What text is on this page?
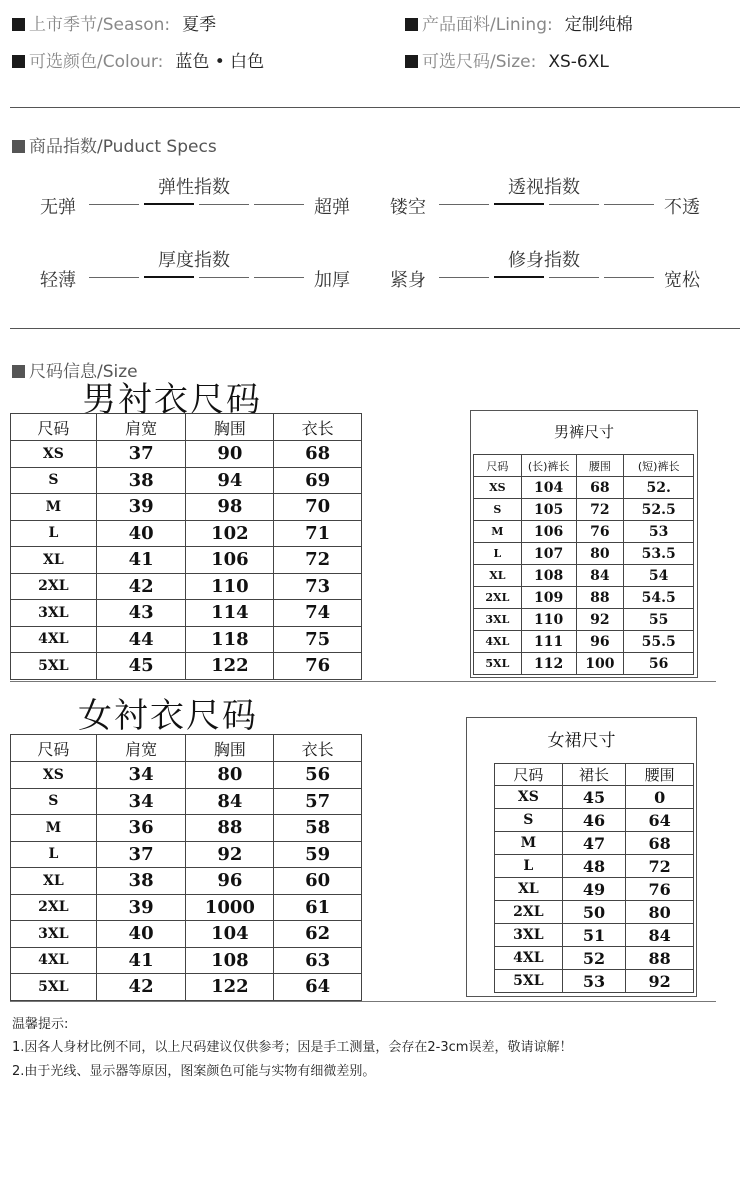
上市季节/Season: 夏季	产品面料/Lining: 定制纯棉
可选颜色/Colour: 蓝色 • 白色	可选尺码/Size: XS-6XL
商品指数/Puduct Specs
无弹
弹性指数
超弹 镂空
透视指数
不透
轻薄
厚度指数
加厚 紧身
修身指数
宽松
尺码信息/Size
男衬衣尺码
女衬衣尺码
尺码	肩宽	胸围	衣长
XS	37	90	68
S	38	94	69
M	39	98	70
L	40	102	71
XL	41	106	72
2XL	42	110	73
3XL	43	114	74
4XL	44	118	75
5XL	45	122	76
尺码	肩宽	胸围	衣长
XS	34	80	56
S	34	84	57
M	36	88	58
L	37	92	59
XL	38	96	60
2XL	39	1000	61
3XL	40	104	62
4XL	41	108	63
5XL	42	122	64
男裤尺寸
尺码	(长)裤长	腰围	(短)裤长
XS	104	68	52.
S	105	72	52.5
M	106	76	53
L	107	80	53.5
XL	108	84	54
2XL	109	88	54.5
3XL	110	92	55
4XL	111	96	55.5
5XL	112	100	56
女裙尺寸
尺码	裙长	腰围
XS	45	0
S	46	64
M	47	68
L	48	72
XL	49	76
2XL	50	80
3XL	51	84
4XL	52	88
5XL	53	92
温馨提示:
1.因各人身材比例不同，以上尺码建议仅供参考；因是手工测量，会存在2-3cm误差，敬请谅解！
2.由于光线、显示器等原因，图案颜色可能与实物有细微差别。
